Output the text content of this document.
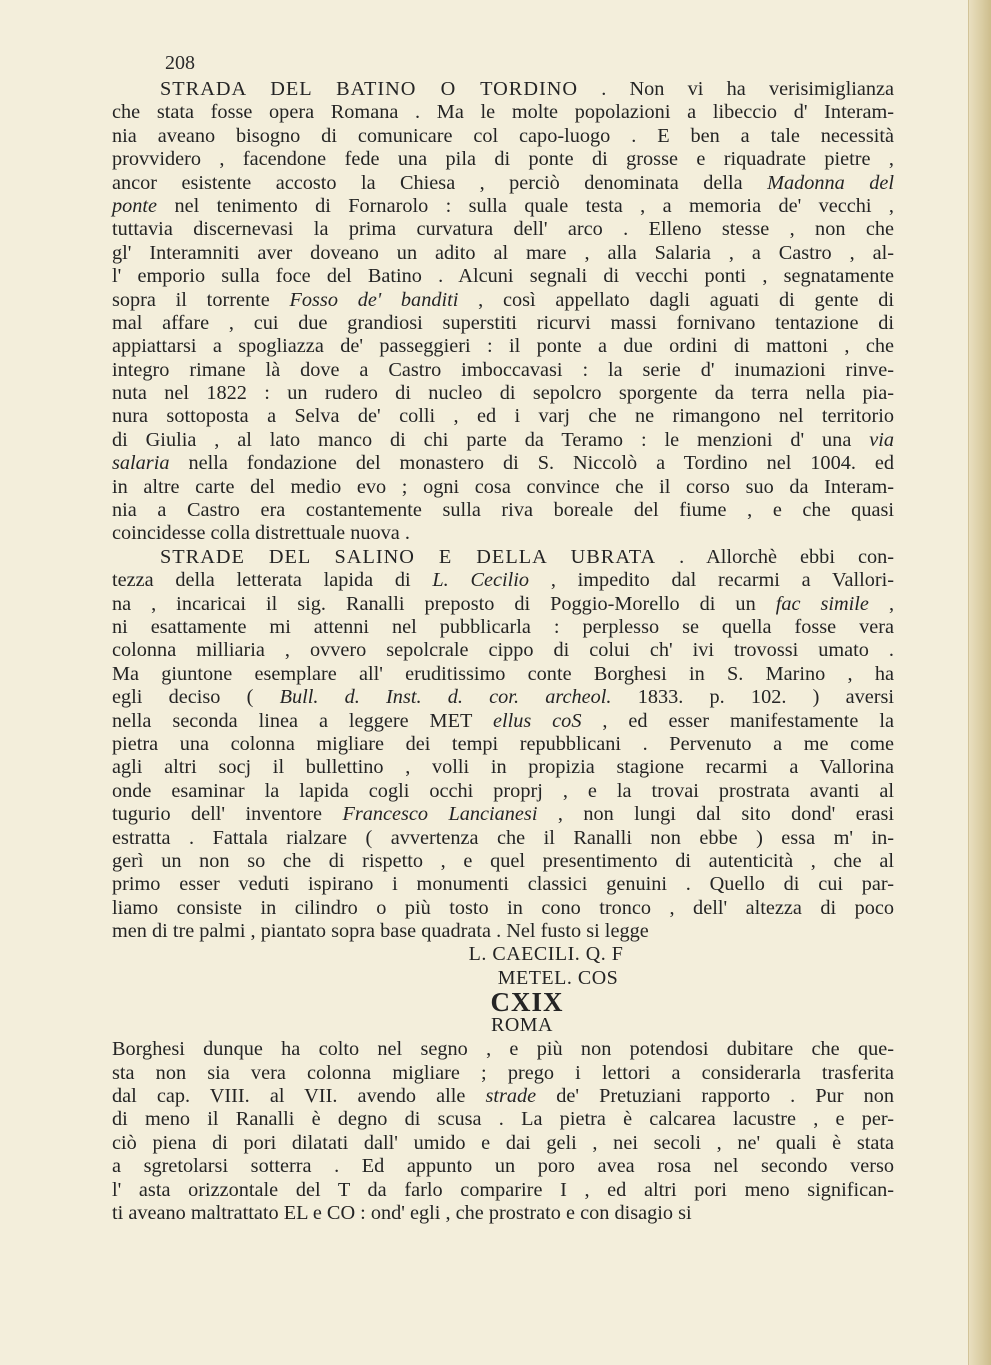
208
STRADA DEL BATINO O TORDINO . Non vi ha verisimiglianza
che stata fosse opera Romana . Ma le molte popolazioni a libeccio d' Interam-
nia aveano bisogno di comunicare col capo-luogo . E ben a tale necessità
provvidero , facendone fede una pila di ponte di grosse e riquadrate pietre ,
ancor esistente accosto la Chiesa , perciò denominata della Madonna del
ponte nel tenimento di Fornarolo : sulla quale testa , a memoria de' vecchi ,
tuttavia discernevasi la prima curvatura dell' arco . Elleno stesse , non che
gl' Interamniti aver doveano un adito al mare , alla Salaria , a Castro , al-
l' emporio sulla foce del Batino . Alcuni segnali di vecchi ponti , segnatamente
sopra il torrente Fosso de' banditi , così appellato dagli aguati di gente di
mal affare , cui due grandiosi superstiti ricurvi massi fornivano tentazione di
appiattarsi a spogliazza de' passeggieri : il ponte a due ordini di mattoni , che
integro rimane là dove a Castro imboccavasi : la serie d' inumazioni rinve-
nuta nel 1822 : un rudero di nucleo di sepolcro sporgente da terra nella pia-
nura sottoposta a Selva de' colli , ed i varj che ne rimangono nel territorio
di Giulia , al lato manco di chi parte da Teramo : le menzioni d' una via
salaria nella fondazione del monastero di S. Niccolò a Tordino nel 1004. ed
in altre carte del medio evo ; ogni cosa convince che il corso suo da Interam-
nia a Castro era costantemente sulla riva boreale del fiume , e che quasi
coincidesse colla distrettuale nuova .
STRADE DEL SALINO E DELLA UBRATA . Allorchè ebbi con-
tezza della letterata lapida di L. Cecilio , impedito dal recarmi a Vallori-
na , incaricai il sig. Ranalli preposto di Poggio-Morello di un fac simile ,
ni esattamente mi attenni nel pubblicarla : perplesso se quella fosse vera
colonna milliaria , ovvero sepolcrale cippo di colui ch' ivi trovossi umato .
Ma giuntone esemplare all' eruditissimo conte Borghesi in S. Marino , ha
egli deciso ( Bull. d. Inst. d. cor. archeol. 1833. p. 102. ) aversi
nella seconda linea a leggere MET ellus coS , ed esser manifestamente la
pietra una colonna migliare dei tempi repubblicani . Pervenuto a me come
agli altri socj il bullettino , volli in propizia stagione recarmi a Vallorina
onde esaminar la lapida cogli occhi proprj , e la trovai prostrata avanti al
tugurio dell' inventore Francesco Lancianesi , non lungi dal sito dond' erasi
estratta . Fattala rialzare ( avvertenza che il Ranalli non ebbe ) essa m' in-
gerì un non so che di rispetto , e quel presentimento di autenticità , che al
primo esser veduti ispirano i monumenti classici genuini . Quello di cui par-
liamo consiste in cilindro o più tosto in cono tronco , dell' altezza di poco
men di tre palmi , piantato sopra base quadrata . Nel fusto si legge
L. CAECILI. Q. F
METEL. COS
CXIX
ROMA
Borghesi dunque ha colto nel segno , e più non potendosi dubitare che que-
sta non sia vera colonna migliare ; prego i lettori a considerarla trasferita
dal cap. VIII. al VII. avendo alle strade de' Pretuziani rapporto . Pur non
di meno il Ranalli è degno di scusa . La pietra è calcarea lacustre , e per-
ciò piena di pori dilatati dall' umido e dai geli , nei secoli , ne' quali è stata
a sgretolarsi sotterra . Ed appunto un poro avea rosa nel secondo verso
l' asta orizzontale del T da farlo comparire I , ed altri pori meno significan-
ti aveano maltrattato EL e CO : ond' egli , che prostrato e con disagio si
